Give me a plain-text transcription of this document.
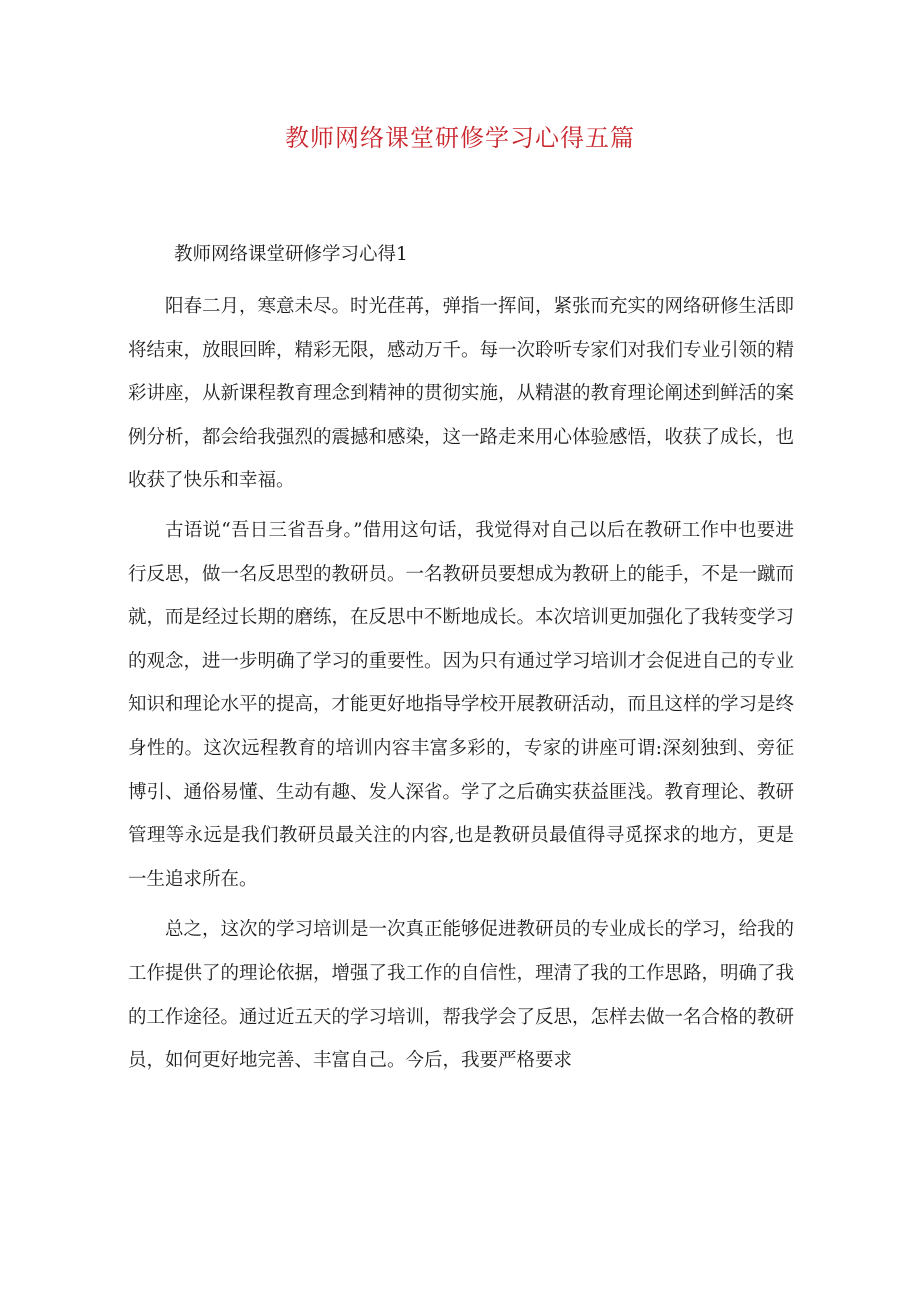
教师网络课堂研修学习心得五篇
教师网络课堂研修学习心得1

阳春二月，寒意未尽。时光荏苒，弹指一挥间，紧张而充实的网络研修生活即将结束，放眼回眸，精彩无限，感动万千。每一次聆听专家们对我们专业引领的精彩讲座，从新课程教育理念到精神的贯彻实施，从精湛的教育理论阐述到鲜活的案例分析，都会给我强烈的震撼和感染，这一路走来用心体验感悟，收获了成长，也收获了快乐和幸福。

古语说“吾日三省吾身。”借用这句话，我觉得对自己以后在教研工作中也要进行反思，做一名反思型的教研员。一名教研员要想成为教研上的能手，不是一蹴而就，而是经过长期的磨练，在反思中不断地成长。本次培训更加强化了我转变学习的观念，进一步明确了学习的重要性。因为只有通过学习培训才会促进自己的专业知识和理论水平的提高，才能更好地指导学校开展教研活动，而且这样的学习是终身性的。这次远程教育的培训内容丰富多彩的，专家的讲座可谓:深刻独到、旁征博引、通俗易懂、生动有趣、发人深省。学了之后确实获益匪浅。教育理论、教研管理等永远是我们教研员最关注的内容,也是教研员最值得寻觅探求的地方，更是一生追求所在。

总之，这次的学习培训是一次真正能够促进教研员的专业成长的学习，给我的工作提供了的理论依据，增强了我工作的自信性，理清了我的工作思路，明确了我的工作途径。通过近五天的学习培训，帮我学会了反思，怎样去做一名合格的教研员，如何更好地完善、丰富自己。今后，我要严格要求
